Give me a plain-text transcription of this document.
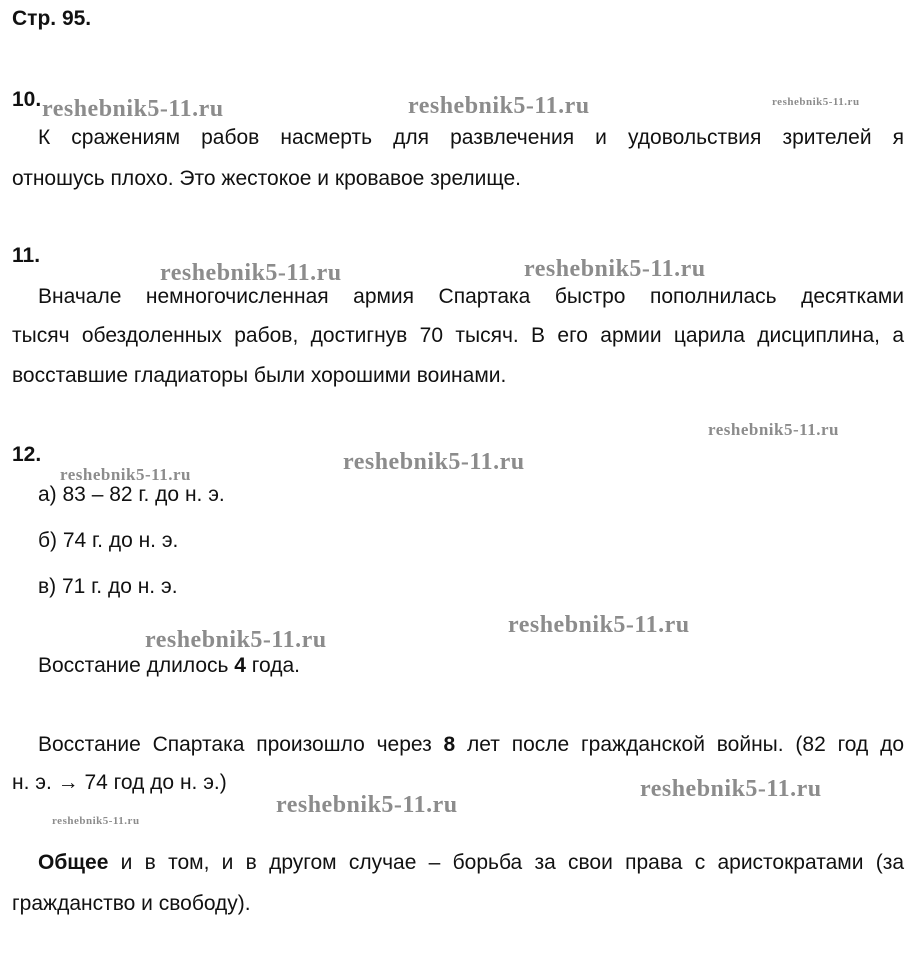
reshebnik5-11.ru	reshebnik5-11.ru	reshebnik5-11.ru
reshebnik5-11.ru	reshebnik5-11.ru
reshebnik5-11.ru
reshebnik5-11.ru	reshebnik5-11.ru
reshebnik5-11.ru
reshebnik5-11.ru
reshebnik5-11.ru
reshebnik5-11.ru
reshebnik5-11.ru
Стр. 95.
10.
К сражениям рабов насмерть для развлечения и удовольствия зрителей я
отношусь плохо. Это жестокое и кровавое зрелище.
11.
Вначале немногочисленная армия Спартака быстро пополнилась десятками
тысяч обездоленных рабов, достигнув 70 тысяч. В его армии царила дисциплина, а
восставшие гладиаторы были хорошими воинами.
12.
а) 83 – 82 г. до н. э.
б) 74 г. до н. э.
в) 71 г. до н. э.
Восстание длилось 4 года.
Восстание Спартака произошло через 8 лет после гражданской войны. (82 год до
н. э. → 74 год до н. э.)
Общее и в том, и в другом случае – борьба за свои права с аристократами (за
гражданство и свободу).
